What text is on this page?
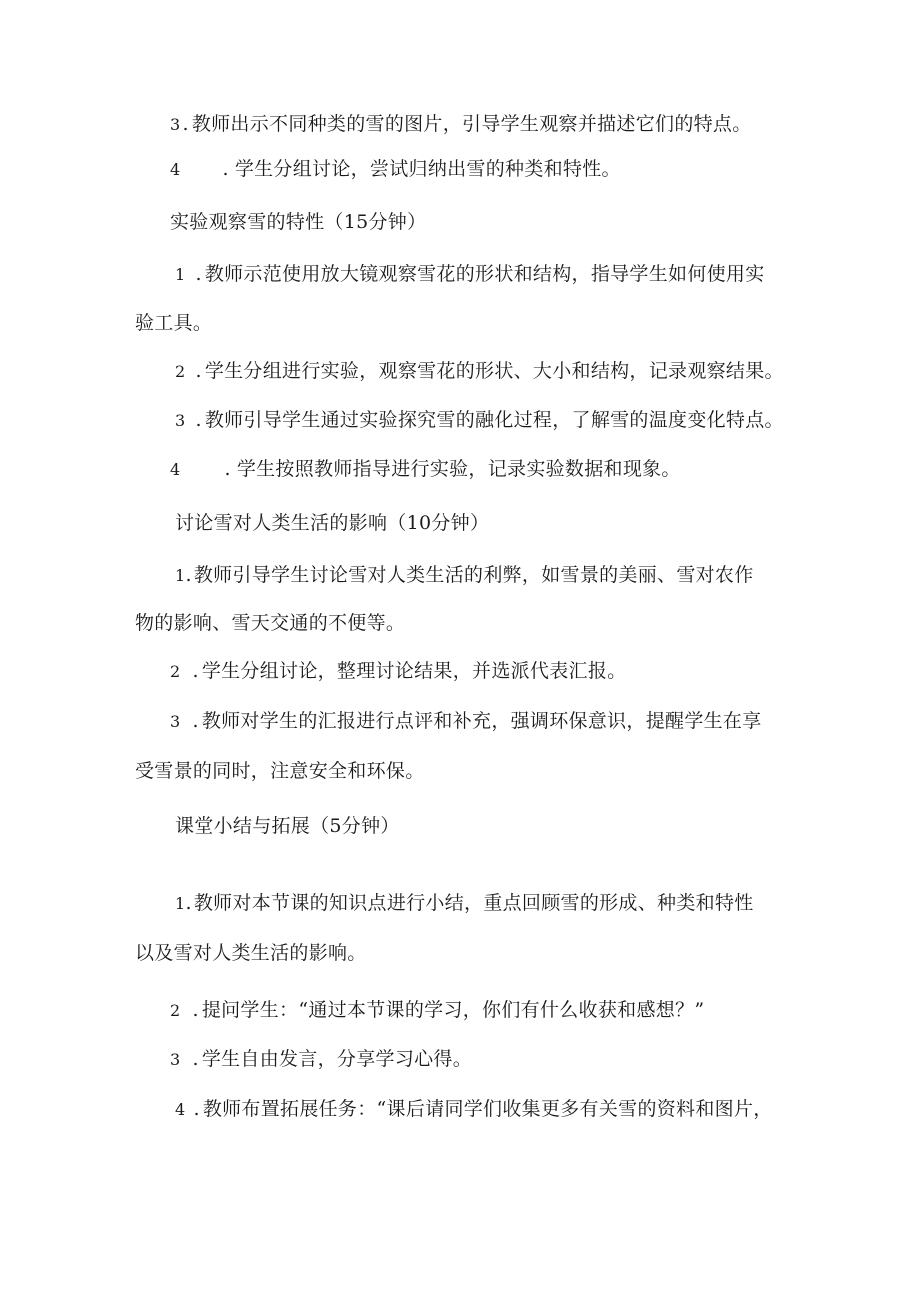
3 . 教师出示不同种类的雪的图片，引导学生观察并描述它们的特点。
4 . 学生分组讨论，尝试归纳出雪的种类和特性。
实验观察雪的特性（15分钟）
1 . 教师示范使用放大镜观察雪花的形状和结构，指导学生如何使用实
验工具。
2 . 学生分组进行实验，观察雪花的形状、大小和结构，记录观察结果。
3 . 教师引导学生通过实验探究雪的融化过程，了解雪的温度变化特点。
4 . 学生按照教师指导进行实验，记录实验数据和现象。
讨论雪对人类生活的影响（10分钟）
1. 教师引导学生讨论雪对人类生活的利弊，如雪景的美丽、雪对农作
物的影响、雪天交通的不便等。
2 . 学生分组讨论，整理讨论结果，并选派代表汇报。
3 . 教师对学生的汇报进行点评和补充，强调环保意识，提醒学生在享
受雪景的同时，注意安全和环保。
课堂小结与拓展（5分钟）
1. 教师对本节课的知识点进行小结，重点回顾雪的形成、种类和特性
以及雪对人类生活的影响。
2 . 提问学生：“通过本节课的学习，你们有什么收获和感想？”
3 . 学生自由发言，分享学习心得。
4 . 教师布置拓展任务：“课后请同学们收集更多有关雪的资料和图片，
